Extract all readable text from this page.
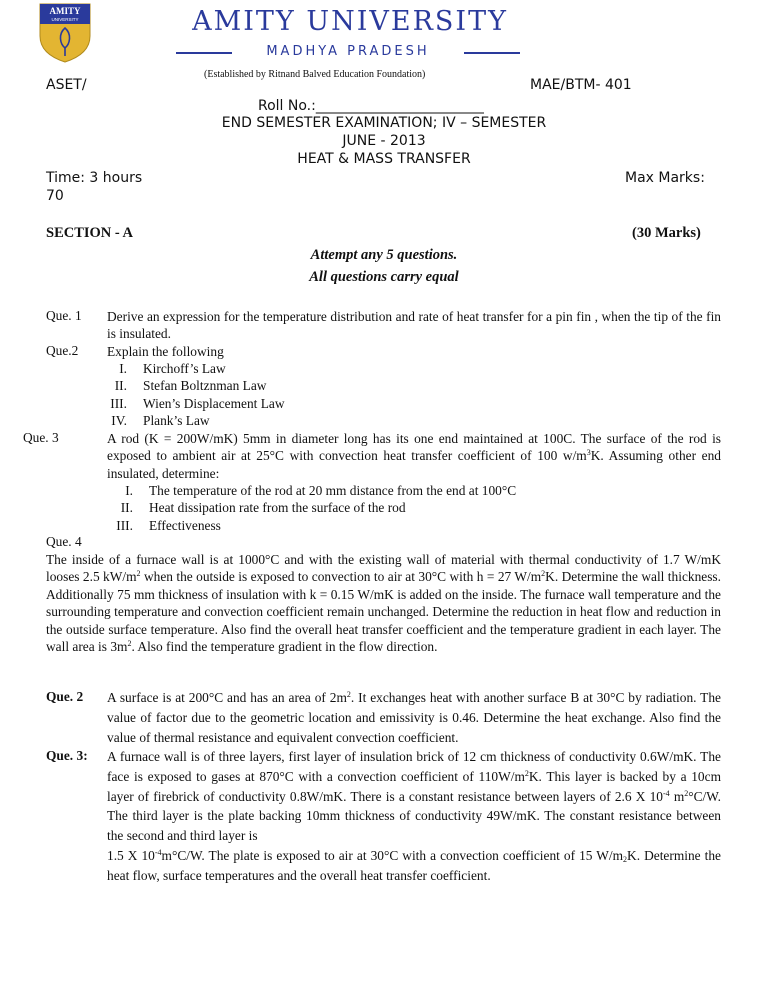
AMITY
UNIVERSITY	AMITY UNIVERSITY
MADHYA PRADESH
(Established by Ritnand Balved Education Foundation)
ASET/	MAE/BTM- 401
Roll No.:________________________
END SEMESTER EXAMINATION; IV – SEMESTER
JUNE - 2013
HEAT & MASS TRANSFER
Time: 3 hours	Max Marks:
70
SECTION - A	(30 Marks)
Attempt any 5 questions.
All questions carry equal
Que. 1 Derive an expression for the temperature distribution and rate of heat transfer for a pin fin , when the tip of the fin is insulated.
Que.2 Explain the following
I. Kirchoff’s Law
II. Stefan Boltznman Law
III. Wien’s Displacement Law
IV. Plank’s Law
Que. 3	A rod (K = 200W/mK) 5mm in diameter long has its one end maintained at 100C. The surface of the rod is exposed to ambient air at 25°C with convection heat transfer coefficient of 100 $w/m^3K$. Assuming other end insulated, determine:
I. The temperature of the rod at 20 mm distance from the end at 100°C
II. Heat dissipation rate from the surface of the rod
III. Effectiveness
Que. 4
The inside of a furnace wall is at 1000°C and with the existing wall of material with thermal conductivity of 1.7 W/mK looses 2.5 $kW/m^2$ when the outside is exposed to convection to air at 30°C with h = 27 $W/m^2K$. Determine the wall thickness. Additionally 75 mm thickness of insulation with k = 0.15 W/mK is added on the inside. The furnace wall temperature and the surrounding temperature and convection coefficient remain unchanged. Determine the reduction in heat flow and reduction in the outside surface temperature. Also find the overall heat transfer coefficient and the temperature gradient in each layer. The wall area is $3m^2$. Also find the temperature gradient in the flow direction.
Que. 2 A surface is at 200°C and has an area of $2m^2$. It exchanges heat with another surface B at 30°C by radiation. The value of factor due to the geometric location and emissivity is 0.46. Determine the heat exchange. Also find the value of thermal resistance and equivalent convection coefficient.
Que. 3: A furnace wall is of three layers, first layer of insulation brick of 12 cm thickness of conductivity 0.6W/mK. The face is exposed to gases at 870°C with a convection coefficient of $110W/m^2K$. This layer is backed by a 10cm layer of firebrick of conductivity 0.8W/mK. There is a constant resistance between layers of 2.6 X $10^{-4}$ $m^2^\circ C/W$. The third layer is the plate backing 10mm thickness of conductivity 49W/mK. The constant resistance between the second and third layer is
1.5 X $10^{-4}m^\circ C/W$. The plate is exposed to air at 30°C with a convection coefficient of 15 $W/m_2K$. Determine the heat flow, surface temperatures and the overall heat transfer coefficient.
